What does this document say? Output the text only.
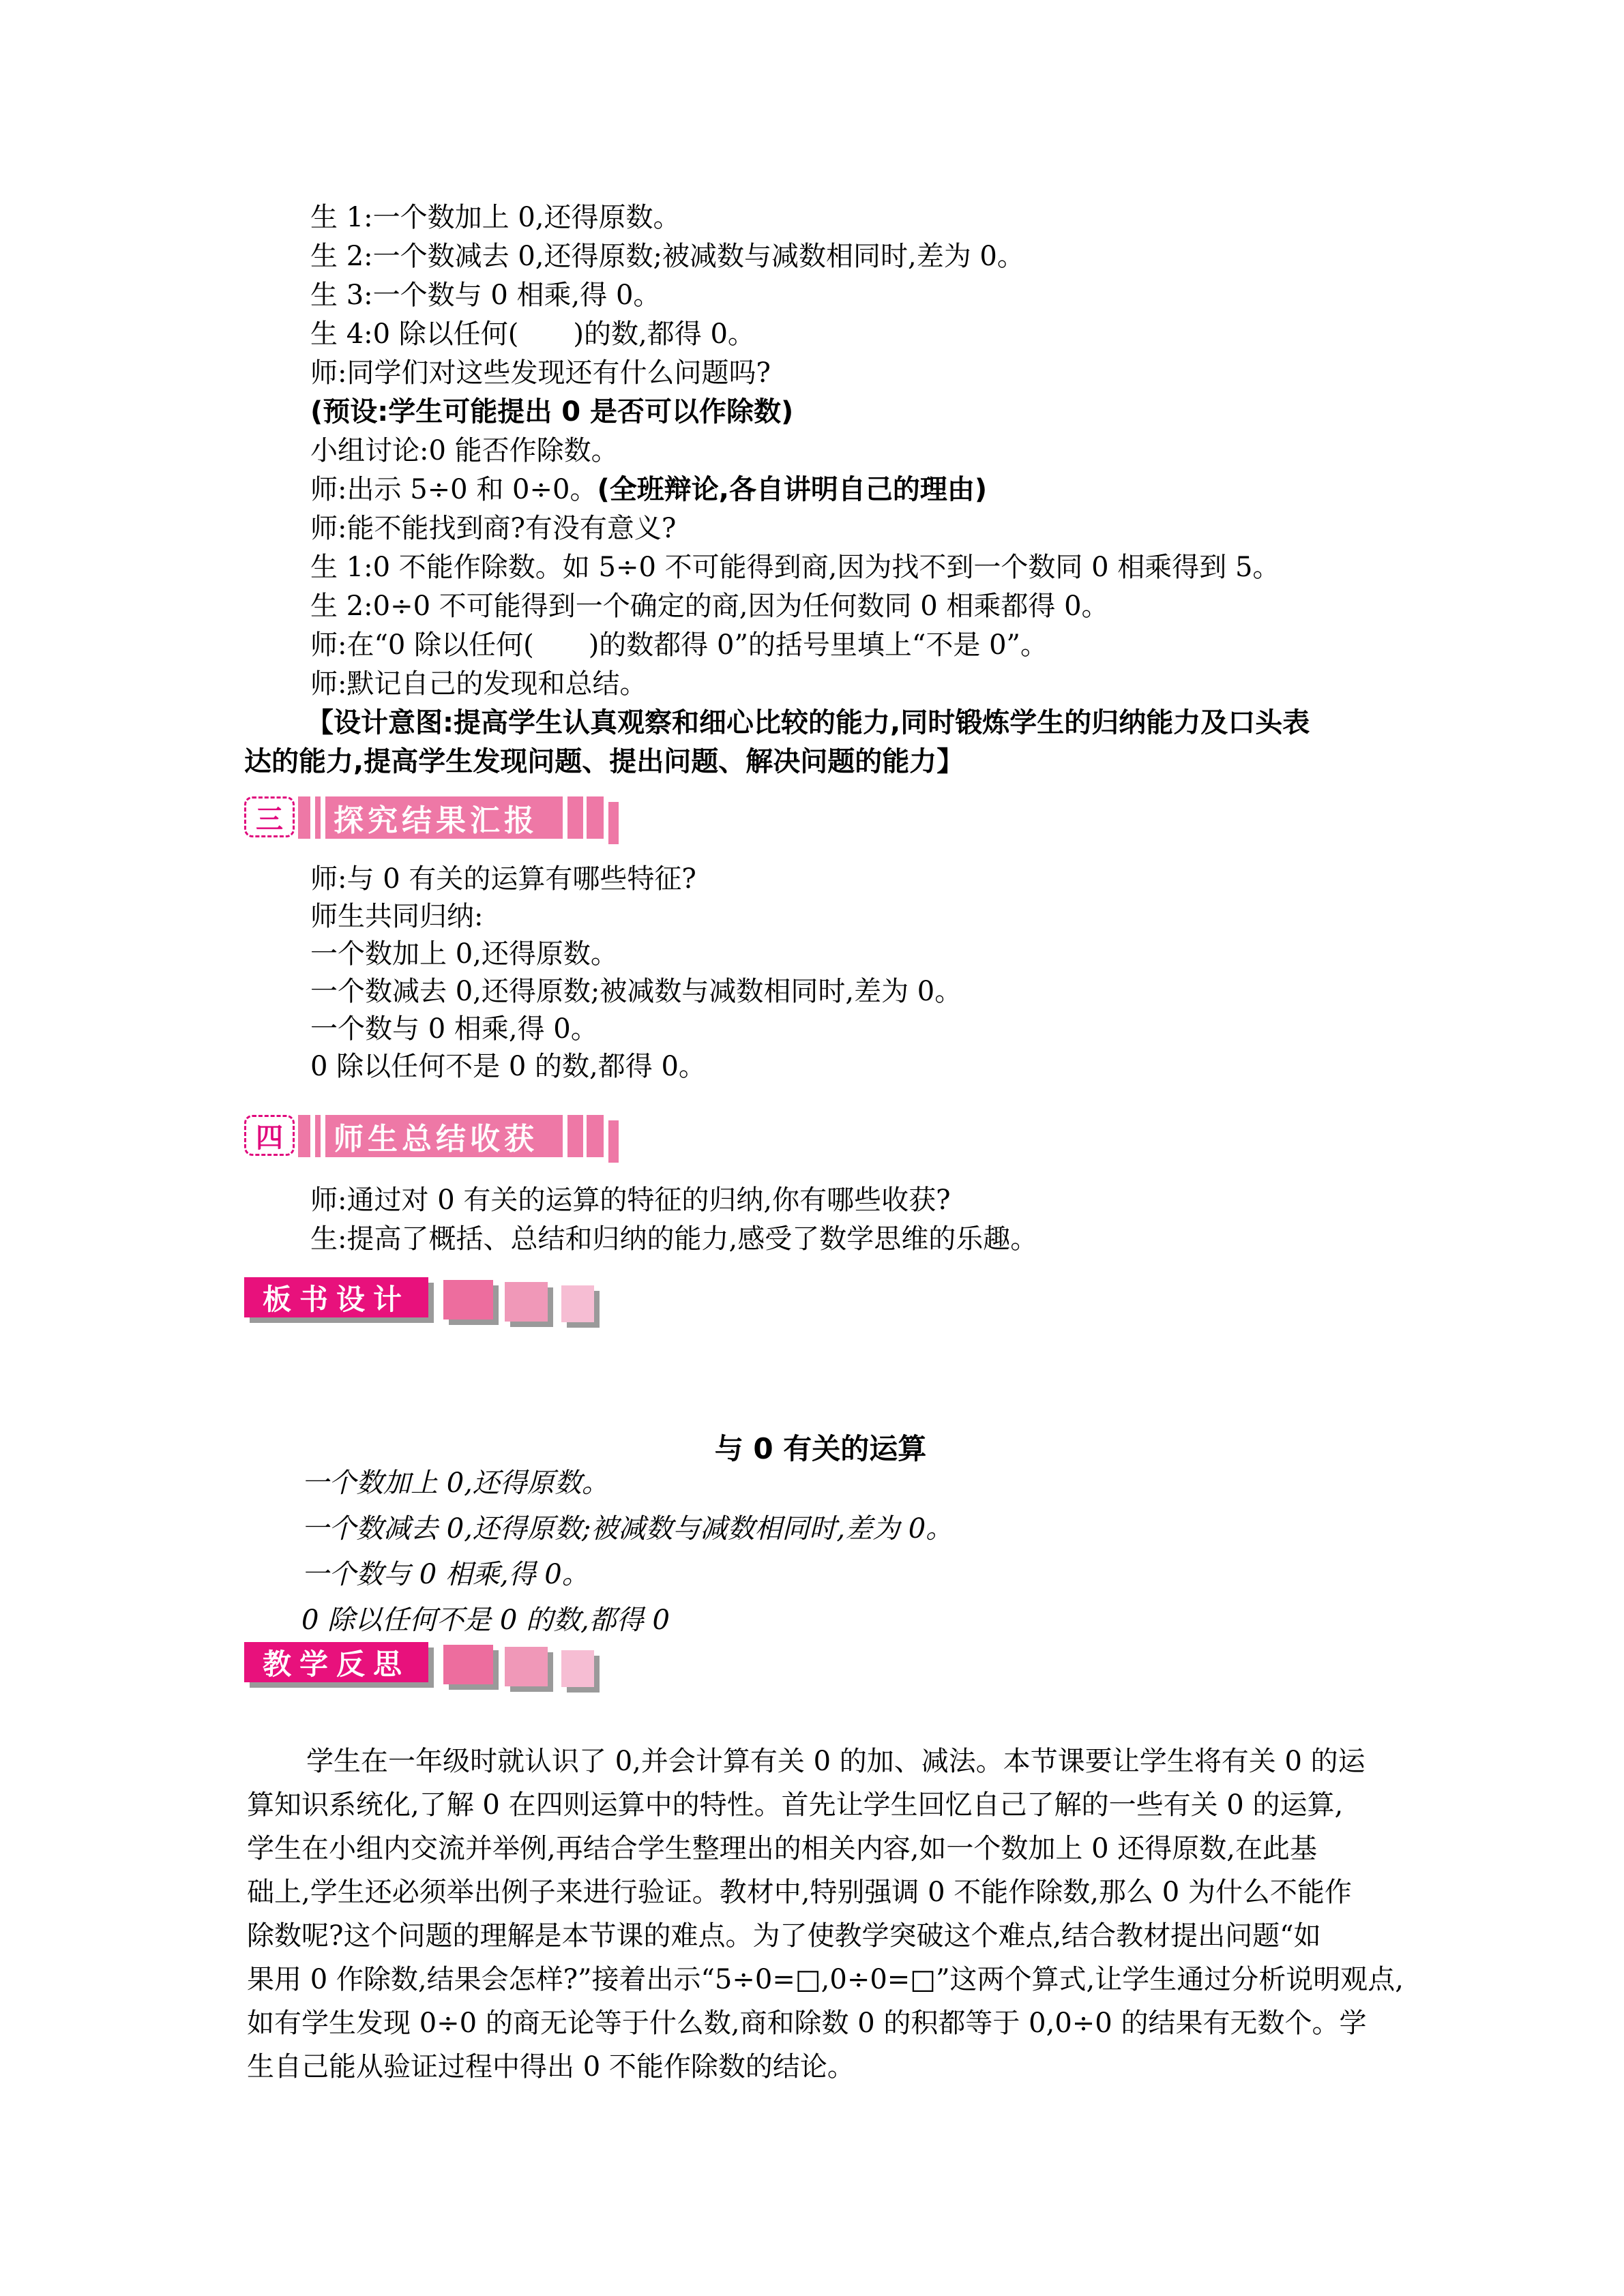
生 1:一个数加上 0,还得原数。
生 2:一个数减去 0,还得原数;被减数与减数相同时,差为 0。
生 3:一个数与 0 相乘,得 0。
生 4:0 除以任何(　　)的数,都得 0。
师:同学们对这些发现还有什么问题吗?
(预设:学生可能提出 0 是否可以作除数)
小组讨论:0 能否作除数。
师:出示 5÷0 和 0÷0。(全班辩论,各自讲明自己的理由)
师:能不能找到商?有没有意义?
生 1:0 不能作除数。如 5÷0 不可能得到商,因为找不到一个数同 0 相乘得到 5。
生 2:0÷0 不可能得到一个确定的商,因为任何数同 0 相乘都得 0。
师:在“0 除以任何(　　)的数都得 0”的括号里填上“不是 0”。
师:默记自己的发现和总结。
【设计意图:提高学生认真观察和细心比较的能力,同时锻炼学生的归纳能力及口头表
达的能力,提高学生发现问题、提出问题、解决问题的能力】
三 探究结果汇报
师:与 0 有关的运算有哪些特征?
师生共同归纳:
一个数加上 0,还得原数。
一个数减去 0,还得原数;被减数与减数相同时,差为 0。
一个数与 0 相乘,得 0。
0 除以任何不是 0 的数,都得 0。
四 师生总结收获
师:通过对 0 有关的运算的特征的归纳,你有哪些收获?
生:提高了概括、总结和归纳的能力,感受了数学思维的乐趣。
板书设计
与 0 有关的运算
一个数加上 0,还得原数。
一个数减去 0,还得原数;被减数与减数相同时,差为 0。
一个数与 0 相乘,得 0。
0 除以任何不是 0 的数,都得 0
教学反思
学生在一年级时就认识了 0,并会计算有关 0 的加、减法。本节课要让学生将有关 0 的运
算知识系统化,了解 0 在四则运算中的特性。首先让学生回忆自己了解的一些有关 0 的运算,
学生在小组内交流并举例,再结合学生整理出的相关内容,如一个数加上 0 还得原数,在此基
础上,学生还必须举出例子来进行验证。教材中,特别强调 0 不能作除数,那么 0 为什么不能作
除数呢?这个问题的理解是本节课的难点。为了使教学突破这个难点,结合教材提出问题“如
果用 0 作除数,结果会怎样?”接着出示“5÷0=□,0÷0=□”这两个算式,让学生通过分析说明观点,
如有学生发现 0÷0 的商无论等于什么数,商和除数 0 的积都等于 0,0÷0 的结果有无数个。学
生自己能从验证过程中得出 0 不能作除数的结论。
